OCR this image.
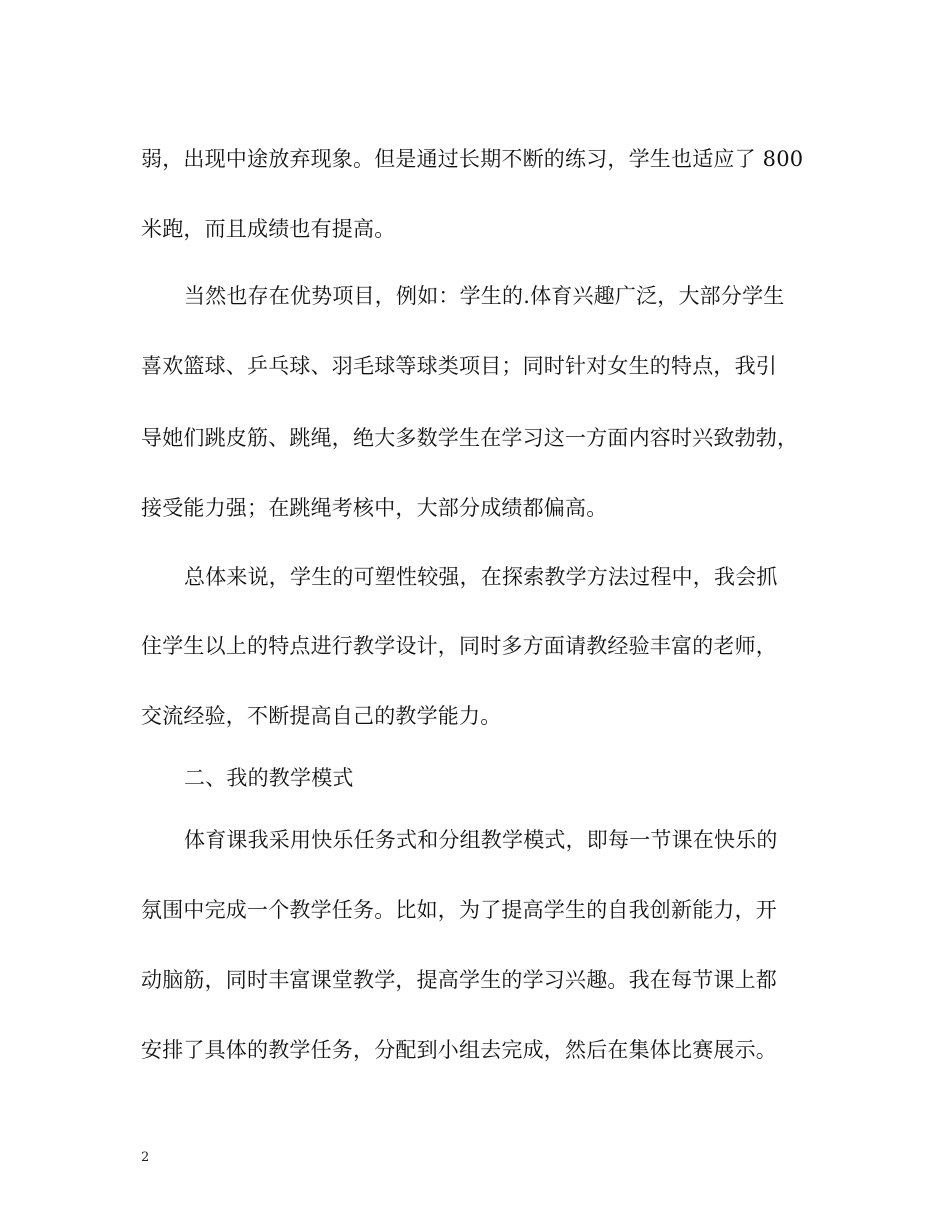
弱，出现中途放弃现象。但是通过长期不断的练习，学生也适应了 800
米跑，而且成绩也有提高。
当然也存在优势项目，例如：学生的.体育兴趣广泛，大部分学生
喜欢篮球、乒乓球、羽毛球等球类项目；同时针对女生的特点，我引
导她们跳皮筋、跳绳，绝大多数学生在学习这一方面内容时兴致勃勃，
接受能力强；在跳绳考核中，大部分成绩都偏高。
总体来说，学生的可塑性较强，在探索教学方法过程中，我会抓
住学生以上的特点进行教学设计，同时多方面请教经验丰富的老师，
交流经验，不断提高自己的教学能力。
二、我的教学模式
体育课我采用快乐任务式和分组教学模式，即每一节课在快乐的
氛围中完成一个教学任务。比如，为了提高学生的自我创新能力，开
动脑筋，同时丰富课堂教学，提高学生的学习兴趣。我在每节课上都
安排了具体的教学任务，分配到小组去完成，然后在集体比赛展示。
2
